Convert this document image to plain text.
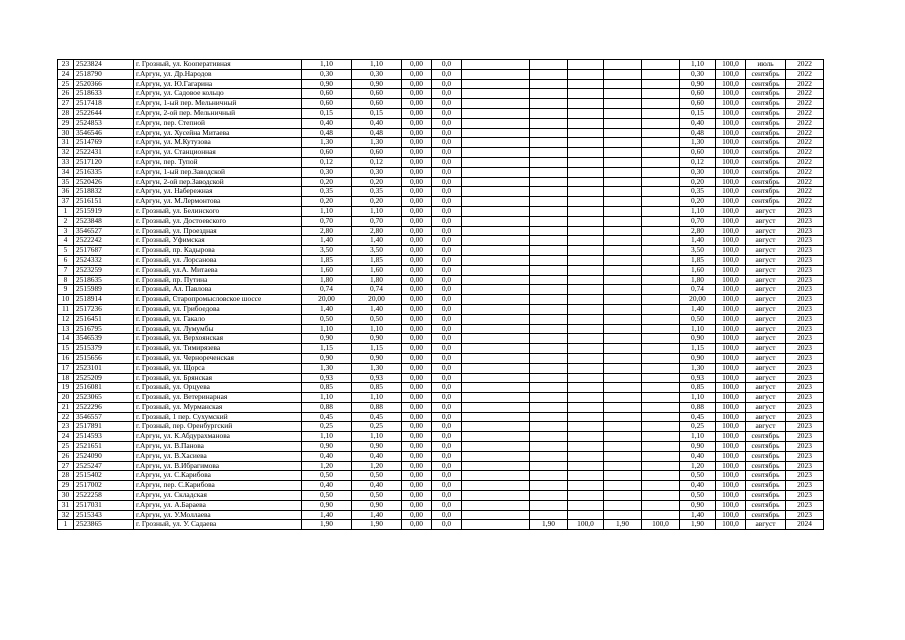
23	2523824	г. Грозный, ул. Кооперативная	1,10	1,10	0,00	0,0						1,10	100,0	июль	2022
24	2518790	г.Аргун, ул. Др.Народов	0,30	0,30	0,00	0,0						0,30	100,0	сентябрь	2022
25	2520366	г.Аргун, ул. Ю.Гагарина	0,90	0,90	0,00	0,0						0,90	100,0	сентябрь	2022
26	2518633	г.Аргун, ул. Садовое кольцо	0,60	0,60	0,00	0,0						0,60	100,0	сентябрь	2022
27	2517418	г.Аргун, 1-ый пер. Мельничный	0,60	0,60	0,00	0,0						0,60	100,0	сентябрь	2022
28	2522644	г.Аргун, 2-ой пер. Мельничный	0,15	0,15	0,00	0,0						0,15	100,0	сентябрь	2022
29	2524853	г.Аргун, пер. Степной	0,40	0,40	0,00	0,0						0,40	100,0	сентябрь	2022
30	3546546	г.Аргун, ул. Хусейна Митаева	0,48	0,48	0,00	0,0						0,48	100,0	сентябрь	2022
31	2514769	г.Аргун, ул. М.Кутузова	1,30	1,30	0,00	0,0						1,30	100,0	сентябрь	2022
32	2522431	г.Аргун, ул. Станционная	0,60	0,60	0,00	0,0						0,60	100,0	сентябрь	2022
33	2517120	г.Аргун, пер. Тупой	0,12	0,12	0,00	0,0						0,12	100,0	сентябрь	2022
34	2516335	г.Аргун, 1-ый пер.Заводской	0,30	0,30	0,00	0,0						0,30	100,0	сентябрь	2022
35	2520426	г.Аргун, 2-ой пер.Заводской	0,20	0,20	0,00	0,0						0,20	100,0	сентябрь	2022
36	2518832	г.Аргун, ул. Набережная	0,35	0,35	0,00	0,0						0,35	100,0	сентябрь	2022
37	2516151	г.Аргун, ул. М.Лермонтова	0,20	0,20	0,00	0,0						0,20	100,0	сентябрь	2022
1	2515919	г. Грозный, ул. Белинского	1,10	1,10	0,00	0,0						1,10	100,0	август	2023
2	2523848	г. Грозный, ул. Достоевского	0,70	0,70	0,00	0,0						0,70	100,0	август	2023
3	3546527	г. Грозный, ул. Проездная	2,80	2,80	0,00	0,0						2,80	100,0	август	2023
4	2522242	г. Грозный, Уфимская	1,40	1,40	0,00	0,0						1,40	100,0	август	2023
5	2517687	г. Грозный, пр. Кадырова	3,50	3,50	0,00	0,0						3,50	100,0	август	2023
6	2524332	г. Грозный, ул. Лорсанова	1,85	1,85	0,00	0,0						1,85	100,0	август	2023
7	2523259	г. Грозный, ул.А. Митаева	1,60	1,60	0,00	0,0						1,60	100,0	август	2023
8	2518635	г. Грозный, пр. Путина	1,80	1,80	0,00	0,0						1,80	100,0	август	2023
9	2515989	г. Грозный, Ал. Павлова	0,74	0,74	0,00	0,0						0,74	100,0	август	2023
10	2518914	г. Грозный, Старопромысловское шоссе	20,00	20,00	0,00	0,0						20,00	100,0	август	2023
11	2517236	г. Грозный, ул. Грибоедова	1,40	1,40	0,00	0,0						1,40	100,0	август	2023
12	2516451	г. Грозный, ул. Гакало	0,50	0,50	0,00	0,0						0,50	100,0	август	2023
13	2516795	г. Грозный, ул. Лумумбы	1,10	1,10	0,00	0,0						1,10	100,0	август	2023
14	3546539	г. Грозный, ул. Верхоянская	0,90	0,90	0,00	0,0						0,90	100,0	август	2023
15	2515379	г. Грозный, ул. Тимирязева	1,15	1,15	0,00	0,0						1,15	100,0	август	2023
16	2515656	г. Грозный, ул. Чернореченская	0,90	0,90	0,00	0,0						0,90	100,0	август	2023
17	2523101	г. Грозный, ул. Щорса	1,30	1,30	0,00	0,0						1,30	100,0	август	2023
18	2525209	г. Грозный, ул. Брянская	0,93	0,93	0,00	0,0						0,93	100,0	август	2023
19	2516081	г. Грозный, ул. Орцуева	0,85	0,85	0,00	0,0						0,85	100,0	август	2023
20	2523065	г. Грозный, ул. Ветеринарная	1,10	1,10	0,00	0,0						1,10	100,0	август	2023
21	2522296	г. Грозный, ул. Мурманская	0,88	0,88	0,00	0,0						0,88	100,0	август	2023
22	3546557	г. Грозный, 1 пер. Сухумский	0,45	0,45	0,00	0,0						0,45	100,0	август	2023
23	2517891	г. Грозный, пер. Оренбургский	0,25	0,25	0,00	0,0						0,25	100,0	август	2023
24	2514593	г.Аргун, ул. К.Абдурахманова	1,10	1,10	0,00	0,0						1,10	100,0	сентябрь	2023
25	2521651	г.Аргун, ул. В.Панова	0,90	0,90	0,00	0,0						0,90	100,0	сентябрь	2023
26	2524090	г.Аргун, ул. В.Хасиева	0,40	0,40	0,00	0,0						0,40	100,0	сентябрь	2023
27	2525247	г.Аргун, ул. В.Ибрагимова	1,20	1,20	0,00	0,0						1,20	100,0	сентябрь	2023
28	2515402	г.Аргун, ул. С.Карибова	0,50	0,50	0,00	0,0						0,50	100,0	сентябрь	2023
29	2517002	г.Аргун, пер. С.Карибова	0,40	0,40	0,00	0,0						0,40	100,0	сентябрь	2023
30	2522258	г.Аргун, ул. Складская	0,50	0,50	0,00	0,0						0,50	100,0	сентябрь	2023
31	2517031	г.Аргун, ул. А.Бараева	0,90	0,90	0,00	0,0						0,90	100,0	сентябрь	2023
32	2515343	г.Аргун, ул. У.Моллаева	1,40	1,40	0,00	0,0						1,40	100,0	сентябрь	2023
1	2523865	г. Грозный, ул. У. Садаева	1,90	1,90	0,00	0,0		1,90	100,0	1,90	100,0	1,90	100,0	август	2024
